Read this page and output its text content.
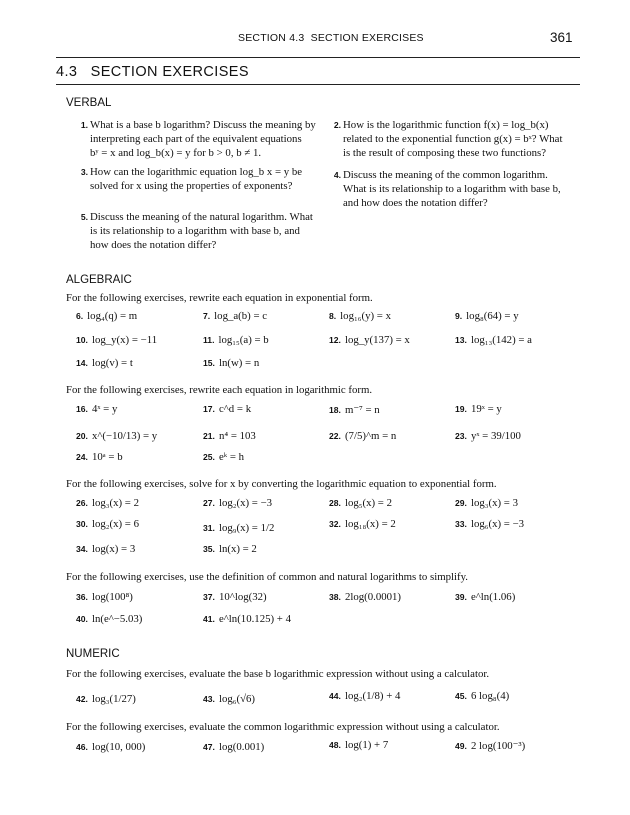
SECTION 4.3 SECTION EXERCISES	361
4.3   SECTION EXERCISES
VERBAL
1. What is a base b logarithm? Discuss the meaning by
interpreting each part of the equivalent equations
bʸ = x and log_b(x) = y for b > 0, b ≠ 1.
2. How is the logarithmic function f(x) = log_b(x)
related to the exponential function g(x) = bˣ? What
is the result of composing these two functions?
3. How can the logarithmic equation log_b x = y be
solved for x using the properties of exponents?
4. Discuss the meaning of the common logarithm.
What is its relationship to a logarithm with base b,
and how does the notation differ?
5. Discuss the meaning of the natural logarithm. What
is its relationship to a logarithm with base b, and
how does the notation differ?
ALGEBRAIC
For the following exercises, rewrite each equation in exponential form.
6. log₄(q) = m	7. log_a(b) = c	8. log₁₆(y) = x	9. log₈(64) = y
10. log_y(x) = −11	11. log₁₅(a) = b	12. log_y(137) = x	13. log₁₃(142) = a
14. log(v) = t	15. ln(w) = n
For the following exercises, rewrite each equation in logarithmic form.
16. 4ˣ = y	17. c^d = k	18. m⁻⁷ = n	19. 19ˣ = y
20. x^(−10/13) = y	21. n⁴ = 103	22. (7/5)^m = n	23. yˣ = 39/100
24. 10ᵃ = b	25. eᵏ = h
For the following exercises, solve for x by converting the logarithmic equation to exponential form.
26. log₃(x) = 2	27. log₂(x) = −3	28. log₅(x) = 2	29. log₃(x) = 3
30. log₂(x) = 6	31. log₉(x) = 1/2	32. log₁₈(x) = 2	33. log₆(x) = −3
34. log(x) = 3	35. ln(x) = 2
For the following exercises, use the definition of common and natural logarithms to simplify.
36. log(100⁸)	37. 10^log(32)	38. 2log(0.0001)	39. e^ln(1.06)
40. ln(e^−5.03)	41. e^ln(10.125) + 4
NUMERIC
For the following exercises, evaluate the base b logarithmic expression without using a calculator.
42. log₃(1/27)	43. log₆(√6)	44. log₂(1/8) + 4	45. 6 log₈(4)
For the following exercises, evaluate the common logarithmic expression without using a calculator.
46. log(10, 000)	47. log(0.001)	48. log(1) + 7	49. 2 log(100⁻³)
